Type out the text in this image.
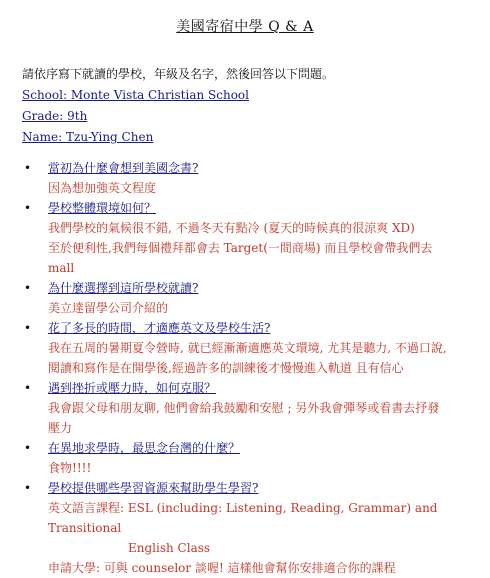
美國寄宿中學 Q & A
請依序寫下就讀的學校，年級及名字，然後回答以下問題。
School: Monte Vista Christian School
Grade: 9th
Name: Tzu-Ying Chen
• 當初為什麼會想到美國念書?
因為想加強英文程度
• 學校整體環境如何？
我們學校的氣候很不錯, 不過冬天有點冷 (夏天的時候真的很涼爽 XD)
至於便利性,我們每個禮拜都會去 Target(一間商場) 而且學校會帶我們去
mall
• 為什麼選擇到這所學校就讀?
美立達留學公司介紹的
• 花了多長的時間，才適應英文及學校生活?
我在五周的暑期夏令營時, 就已經漸漸適應英文環境, 尤其是聽力, 不過口說,
閱讀和寫作是在開學後,經過許多的訓練後才慢慢進入軌道 且有信心
• 遇到挫折或壓力時，如何克服？
我會跟父母和朋友聊, 他們會給我鼓勵和安慰 ; 另外我會彈琴或看書去抒發
壓力
• 在異地求學時，最思念台灣的什麼？
食物!!!!
• 學校提供哪些學習資源來幫助學生學習?
英文語言課程: ESL (including: Listening, Reading, Grammar) and Transitional
English Class
申請大學: 可與 counselor 談喔! 這樣他會幫你安排適合你的課程
